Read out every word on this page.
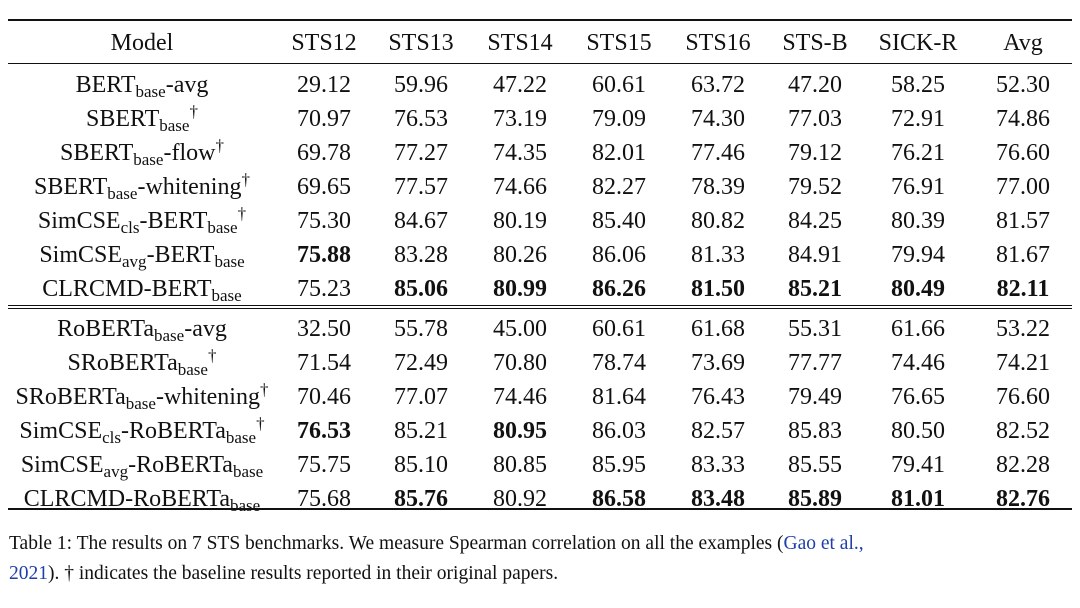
Model	STS12	STS13	STS14	STS15	STS16	STS-B	SICK-R	Avg
$BERT_{base}$-avg	29.12	59.96	47.22	60.61	63.72	47.20	58.25	52.30
$SBERT_{base}^\dagger$	70.97	76.53	73.19	79.09	74.30	77.03	72.91	74.86
$SBERT_{base}-flow^\dagger$	69.78	77.27	74.35	82.01	77.46	79.12	76.21	76.60
$SBERT_{base}-whitening^\dagger$	69.65	77.57	74.66	82.27	78.39	79.52	76.91	77.00
$SimCSE_{cls}-BERT_{base}^\dagger$	75.30	84.67	80.19	85.40	80.82	84.25	80.39	81.57
$SimCSE_{avg}-BERT_{base}$	75.88	83.28	80.26	86.06	81.33	84.91	79.94	81.67
CLRCMD-$BERT_{base}$	75.23	85.06	80.99	86.26	81.50	85.21	80.49	82.11
RoBERTa$_{base}$-avg	32.50	55.78	45.00	60.61	61.68	55.31	61.66	53.22
SRoBERTa$_{base}$†	71.54	72.49	70.80	78.74	73.69	77.77	74.46	74.21
SRoBERTa$_{base}$-whitening†	70.46	77.07	74.46	81.64	76.43	79.49	76.65	76.60
SimCSE$_{cls}$-RoBERTa$_{base}$†	76.53	85.21	80.95	86.03	82.57	85.83	80.50	82.52
SimCSE$_{avg}$-RoBERTa$_{base}$	75.75	85.10	80.85	85.95	83.33	85.55	79.41	82.28
CLRCMD-RoBERTa$_{base}$	75.68	85.76	80.92	86.58	83.48	85.89	81.01	82.76
Table 1: The results on 7 STS benchmarks. We measure Spearman correlation on all the examples (Gao et al.,
2021). † indicates the baseline results reported in their original papers.
